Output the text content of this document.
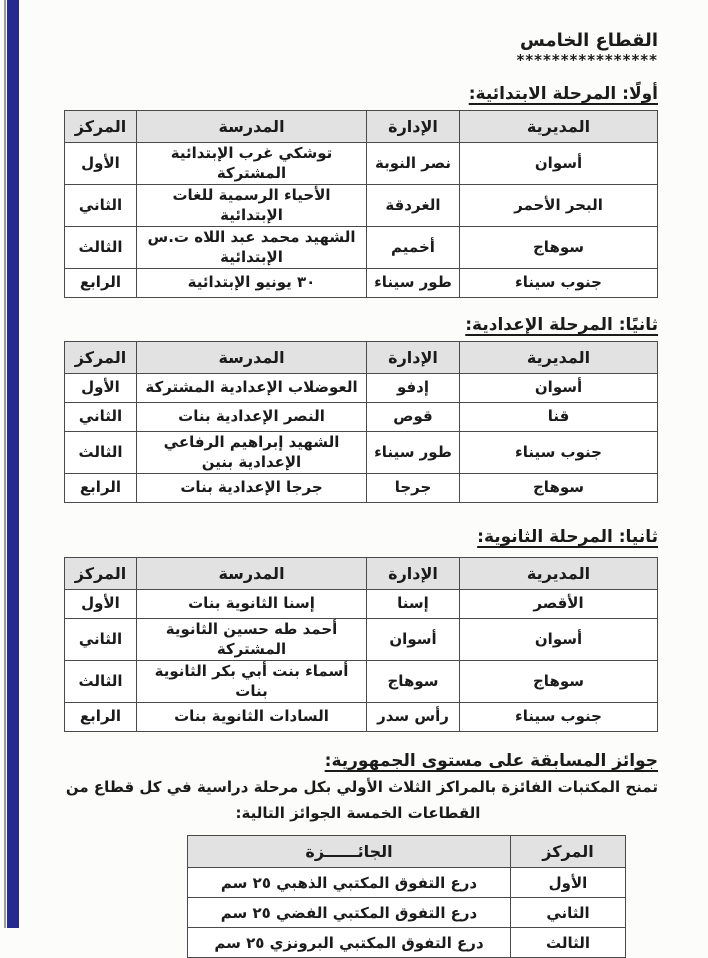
القطاع الخامس
****************
أولًا: المرحلة الابتدائية:
المديرية	الإدارة	المدرسة	المركز
أسوان	نصر النوبة	توشكي غرب الإبتدائية المشتركة	الأول
البحر الأحمر	الغردقة	الأحياء الرسمية للغات الإبتدائية	الثاني
سوهاج	أخميم	الشهيد محمد عبد اللاه ت.س الإبتدائية	الثالث
جنوب سيناء	طور سيناء	٣٠ يونيو الإبتدائية	الرابع
ثانيًا: المرحلة الإعدادية:
المديرية	الإدارة	المدرسة	المركز
أسوان	إدفو	العوضلاب الإعدادية المشتركة	الأول
قنا	قوص	النصر الإعدادية بنات	الثاني
جنوب سيناء	طور سيناء	الشهيد إبراهيم الرفاعي الإعدادية بنين	الثالث
سوهاج	جرجا	جرجا الإعدادية بنات	الرابع
ثانيا: المرحلة الثانوية:
المديرية	الإدارة	المدرسة	المركز
الأقصر	إسنا	إسنا الثانوية بنات	الأول
أسوان	أسوان	أحمد طه حسين الثانوية المشتركة	الثاني
سوهاج	سوهاج	أسماء بنت أبي بكر الثانوية بنات	الثالث
جنوب سيناء	رأس سدر	السادات الثانوية بنات	الرابع
جوائز المسابقة على مستوى الجمهورية:
تمنح المكتبات الفائزة بالمراكز الثلاث الأولي بكل مرحلة دراسية في كل قطاع من
القطاعات الخمسة الجوائز التالية:
المركز	الجائــــــزة
الأول	درع التفوق المكتبي الذهبي ٢٥ سم
الثاني	درع التفوق المكتبي الفضي ٢٥ سم
الثالث	درع التفوق المكتبي البرونزي ٢٥ سم
